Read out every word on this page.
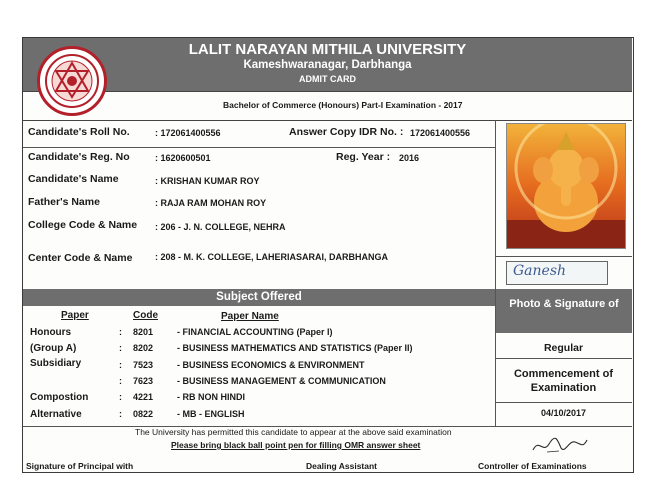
LALIT NARAYAN MITHILA UNIVERSITY
Kameshwaranagar, Darbhanga
ADMIT CARD
Bachelor of Commerce (Honours) Part-I Examination - 2017
Candidate's Roll No.	: 172061400556	Answer Copy IDR No. : 172061400556
Candidate's Reg. No	: 1620600501	Reg. Year : 2016
Candidate's Name	: KRISHAN KUMAR ROY
Father's Name	: RAJA RAM MOHAN ROY
College Code & Name : 206 - J. N. COLLEGE, NEHRA
Center Code & Name	: 208 - M. K. COLLEGE, LAHERIASARAI, DARBHANGA
Ganesh
Subject Offered
Photo & Signature of
Paper	Code	Paper Name
Honours	: 8201	- FINANCIAL ACCOUNTING (Paper I)
(Group A)	: 8202	- BUSINESS MATHEMATICS AND STATISTICS (Paper II)
Subsidiary	: 7523	- BUSINESS ECONOMICS & ENVIRONMENT
: 7623	- BUSINESS MANAGEMENT & COMMUNICATION
Compostion	: 4221	- RB NON HINDI
Alternative	: 0822	- MB - ENGLISH
Regular
Commencement of
Examination
04/10/2017
The University has permitted this candidate to appear at the above said examination
Please bring black ball point pen for filling OMR answer sheet
Signature of Principal with	Dealing Assistant	Controller of Examinations
